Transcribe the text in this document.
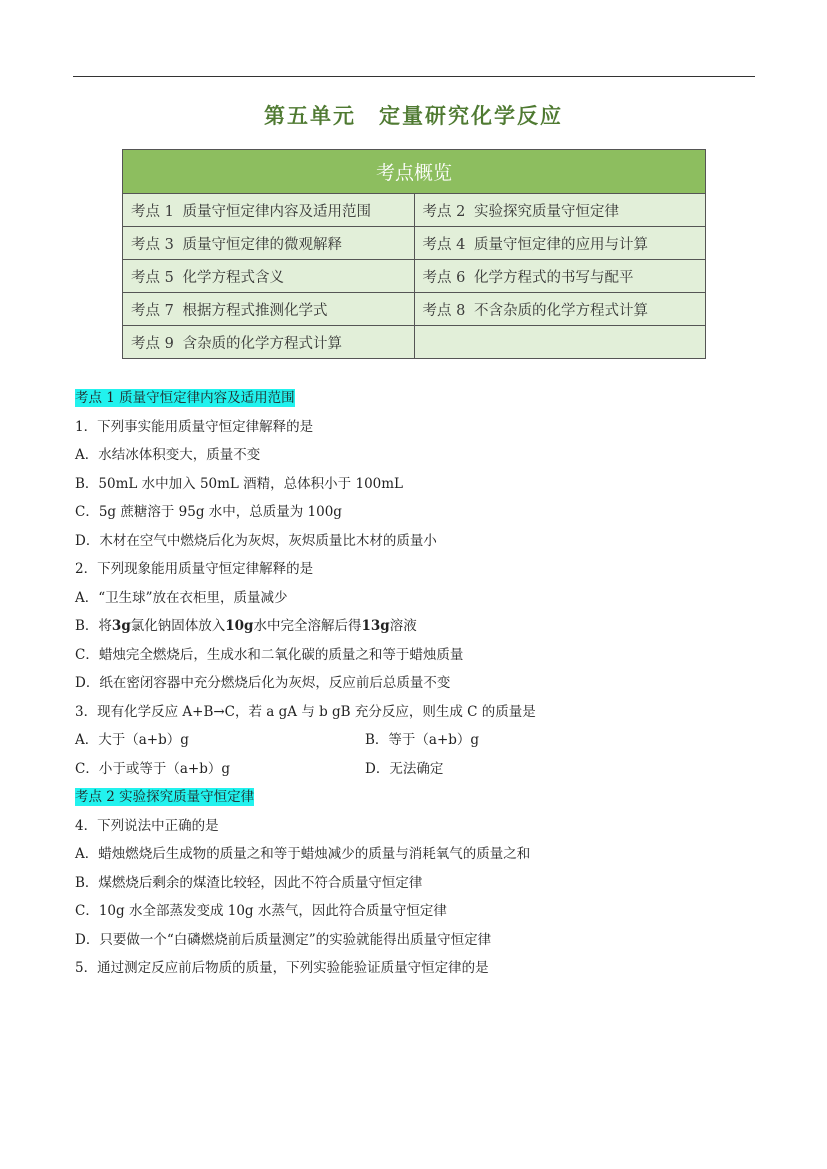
第五单元　定量研究化学反应
考点概览	
考点 1 质量守恒定律内容及适用范围	考点 2 实验探究质量守恒定律
考点 3 质量守恒定律的微观解释	考点 4 质量守恒定律的应用与计算
考点 5 化学方程式含义	考点 6 化学方程式的书写与配平
考点 7 根据方程式推测化学式	考点 8 不含杂质的化学方程式计算
考点 9 含杂质的化学方程式计算	
考点 1 质量守恒定律内容及适用范围
1．下列事实能用质量守恒定律解释的是
A．水结冰体积变大，质量不变
B．50mL 水中加入 50mL 酒精，总体积小于 100mL
C．5g 蔗糖溶于 95g 水中，总质量为 100g
D．木材在空气中燃烧后化为灰烬，灰烬质量比木材的质量小
2．下列现象能用质量守恒定律解释的是
A．“卫生球”放在衣柜里，质量减少
B．将3g氯化钠固体放入10g水中完全溶解后得13g溶液
C．蜡烛完全燃烧后，生成水和二氧化碳的质量之和等于蜡烛质量
D．纸在密闭容器中充分燃烧后化为灰烬，反应前后总质量不变
3．现有化学反应 A+B→C，若 a gA 与 b gB 充分反应，则生成 C 的质量是
A．大于（a+b）g	B．等于（a+b）g
C．小于或等于（a+b）g	D．无法确定
考点 2 实验探究质量守恒定律
4．下列说法中正确的是
A．蜡烛燃烧后生成物的质量之和等于蜡烛减少的质量与消耗氧气的质量之和
B．煤燃烧后剩余的煤渣比较轻，因此不符合质量守恒定律
C．10g 水全部蒸发变成 10g 水蒸气，因此符合质量守恒定律
D．只要做一个“白磷燃烧前后质量测定”的实验就能得出质量守恒定律
5．通过测定反应前后物质的质量，下列实验能验证质量守恒定律的是
